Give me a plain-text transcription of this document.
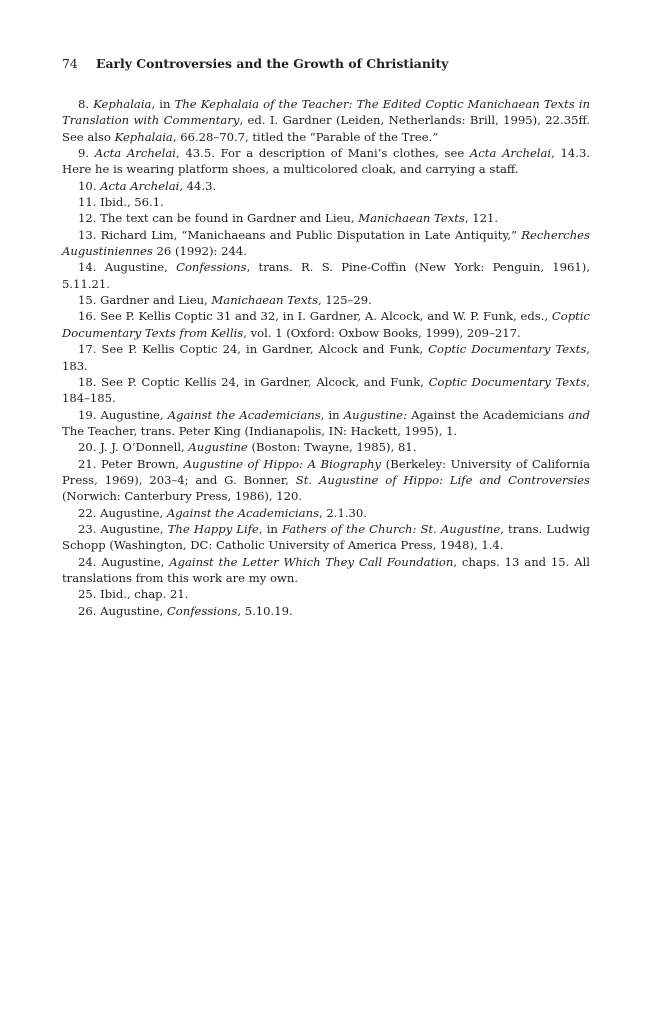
74 Early Controversies and the Growth of Christianity

8. Kephalaia, in The Kephalaia of the Teacher: The Edited Coptic Manichaean Texts in Translation with Commentary, ed. I. Gardner (Leiden, Netherlands: Brill, 1995), 22.35ff. See also Kephalaia, 66.28–70.7, titled the “Parable of the Tree.”

9. Acta Archelai, 43.5. For a description of Mani’s clothes, see Acta Archelai, 14.3. Here he is wearing platform shoes, a multicolored cloak, and carrying a staff.

10. Acta Archelai, 44.3.

11. Ibid., 56.1.

12. The text can be found in Gardner and Lieu, Manichaean Texts, 121.

13. Richard Lim, “Manichaeans and Public Disputation in Late Antiquity,” Recherches Augustiniennes 26 (1992): 244.

14. Augustine, Confessions, trans. R. S. Pine-Coffin (New York: Penguin, 1961), 5.11.21.

15. Gardner and Lieu, Manichaean Texts, 125–29.

16. See P. Kellis Coptic 31 and 32, in I. Gardner, A. Alcock, and W. P. Funk, eds., Coptic Documentary Texts from Kellis, vol. 1 (Oxford: Oxbow Books, 1999), 209–217.

17. See P. Kellis Coptic 24, in Gardner, Alcock and Funk, Coptic Documentary Texts, 183.

18. See P. Coptic Kellis 24, in Gardner, Alcock, and Funk, Coptic Documentary Texts, 184–185.

19. Augustine, Against the Academicians, in Augustine: Against the Academicians and The Teacher, trans. Peter King (Indianapolis, IN: Hackett, 1995), 1.

20. J. J. O’Donnell, Augustine (Boston: Twayne, 1985), 81.

21. Peter Brown, Augustine of Hippo: A Biography (Berkeley: University of California Press, 1969), 203–4; and G. Bonner, St. Augustine of Hippo: Life and Controversies (Norwich: Canterbury Press, 1986), 120.

22. Augustine, Against the Academicians, 2.1.30.

23. Augustine, The Happy Life, in Fathers of the Church: St. Augustine, trans. Ludwig Schopp (Washington, DC: Catholic University of America Press, 1948), 1.4.

24. Augustine, Against the Letter Which They Call Foundation, chaps. 13 and 15. All translations from this work are my own.

25. Ibid., chap. 21.

26. Augustine, Confessions, 5.10.19.
